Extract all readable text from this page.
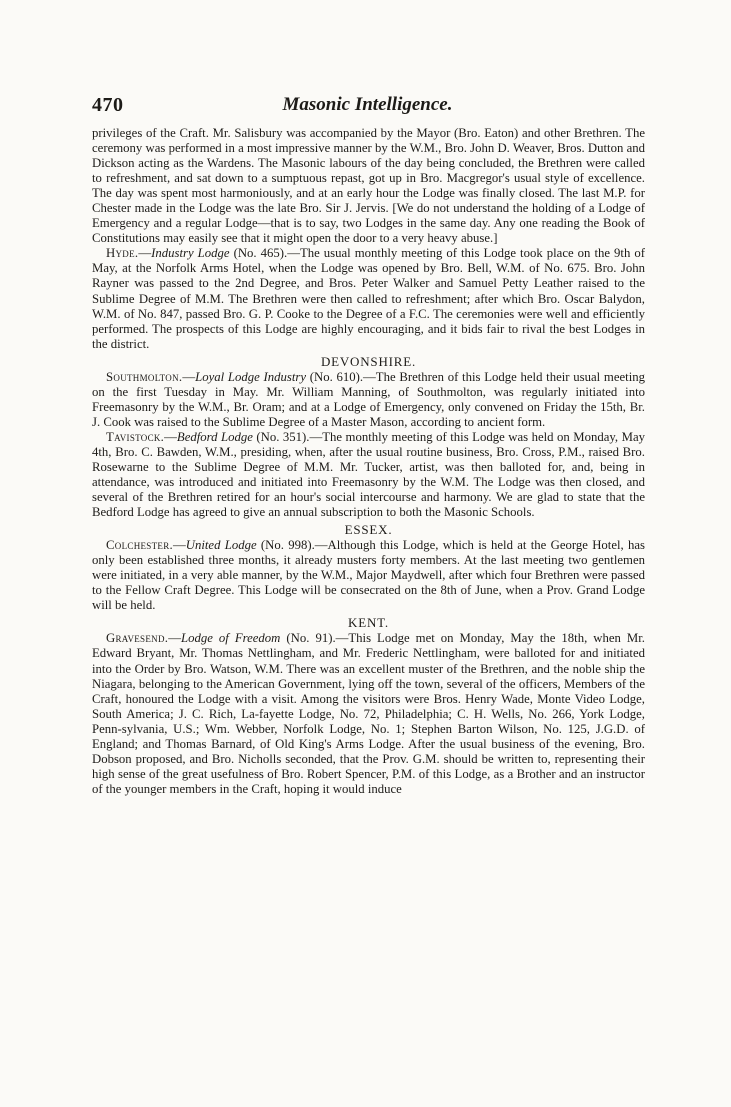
470	Masonic Intelligence.

privileges of the Craft. Mr. Salisbury was accompanied by the Mayor (Bro. Eaton) and other Brethren. The ceremony was performed in a most impressive manner by the W.M., Bro. John D. Weaver, Bros. Dutton and Dickson acting as the Wardens. The Masonic labours of the day being concluded, the Brethren were called to refreshment, and sat down to a sumptuous repast, got up in Bro. Macgregor's usual style of excellence. The day was spent most harmoniously, and at an early hour the Lodge was finally closed. The last M.P. for Chester made in the Lodge was the late Bro. Sir J. Jervis. [We do not understand the holding of a Lodge of Emergency and a regular Lodge—that is to say, two Lodges in the same day. Any one reading the Book of Constitutions may easily see that it might open the door to a very heavy abuse.]

Hyde.—Industry Lodge (No. 465).—The usual monthly meeting of this Lodge took place on the 9th of May, at the Norfolk Arms Hotel, when the Lodge was opened by Bro. Bell, W.M. of No. 675. Bro. John Rayner was passed to the 2nd Degree, and Bros. Peter Walker and Samuel Petty Leather raised to the Sublime Degree of M.M. The Brethren were then called to refreshment; after which Bro. Oscar Balydon, W.M. of No. 847, passed Bro. G. P. Cooke to the Degree of a F.C. The ceremonies were well and efficiently performed. The prospects of this Lodge are highly encouraging, and it bids fair to rival the best Lodges in the district.

DEVONSHIRE.

Southmolton.—Loyal Lodge Industry (No. 610).—The Brethren of this Lodge held their usual meeting on the first Tuesday in May. Mr. William Manning, of Southmolton, was regularly initiated into Freemasonry by the W.M., Br. Oram; and at a Lodge of Emergency, only convened on Friday the 15th, Br. J. Cook was raised to the Sublime Degree of a Master Mason, according to ancient form.

Tavistock.—Bedford Lodge (No. 351).—The monthly meeting of this Lodge was held on Monday, May 4th, Bro. C. Bawden, W.M., presiding, when, after the usual routine business, Bro. Cross, P.M., raised Bro. Rosewarne to the Sublime Degree of M.M. Mr. Tucker, artist, was then balloted for, and, being in attendance, was introduced and initiated into Freemasonry by the W.M. The Lodge was then closed, and several of the Brethren retired for an hour's social intercourse and harmony. We are glad to state that the Bedford Lodge has agreed to give an annual subscription to both the Masonic Schools.

ESSEX.

Colchester.—United Lodge (No. 998).—Although this Lodge, which is held at the George Hotel, has only been established three months, it already musters forty members. At the last meeting two gentlemen were initiated, in a very able manner, by the W.M., Major Maydwell, after which four Brethren were passed to the Fellow Craft Degree. This Lodge will be consecrated on the 8th of June, when a Prov. Grand Lodge will be held.

KENT.

Gravesend.—Lodge of Freedom (No. 91).—This Lodge met on Monday, May the 18th, when Mr. Edward Bryant, Mr. Thomas Nettlingham, and Mr. Frederic Nettlingham, were balloted for and initiated into the Order by Bro. Watson, W.M. There was an excellent muster of the Brethren, and the noble ship the Niagara, belonging to the American Government, lying off the town, several of the officers, Members of the Craft, honoured the Lodge with a visit. Among the visitors were Bros. Henry Wade, Monte Video Lodge, South America; J. C. Rich, La-fayette Lodge, No. 72, Philadelphia; C. H. Wells, No. 266, York Lodge, Penn-sylvania, U.S.; Wm. Webber, Norfolk Lodge, No. 1; Stephen Barton Wilson, No. 125, J.G.D. of England; and Thomas Barnard, of Old King's Arms Lodge. After the usual business of the evening, Bro. Dobson proposed, and Bro. Nicholls seconded, that the Prov. G.M. should be written to, representing their high sense of the great usefulness of Bro. Robert Spencer, P.M. of this Lodge, as a Brother and an instructor of the younger members in the Craft, hoping it would induce
